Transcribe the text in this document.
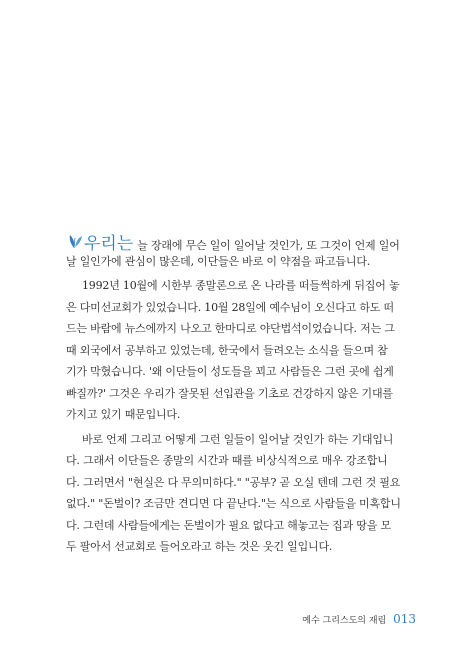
우리는 늘 장래에 무슨 일이 일어날 것인가, 또 그것이 언제 일어
날 일인가에 관심이 많은데, 이단들은 바로 이 약점을 파고듭니다.
1992년 10월에 시한부 종말론으로 온 나라를 떠들썩하게 뒤집어 놓
은 다미선교회가 있었습니다. 10월 28일에 예수님이 오신다고 하도 떠
드는 바람에 뉴스에까지 나오고 한마디로 야단법석이었습니다. 저는 그
때 외국에서 공부하고 있었는데, 한국에서 들려오는 소식을 들으며 참
기가 막혔습니다. '왜 이단들이 성도들을 꾀고 사람들은 그런 곳에 쉽게
빠질까?' 그것은 우리가 잘못된 선입관을 기초로 건강하지 않은 기대를
가지고 있기 때문입니다.
바로 언제 그리고 어떻게 그런 일들이 일어날 것인가 하는 기대입니
다. 그래서 이단들은 종말의 시간과 때를 비상식적으로 매우 강조합니
다. 그러면서 "현실은 다 무의미하다." "공부? 곧 오실 텐데 그런 것 필요
없다." "돈벌이? 조금만 견디면 다 끝난다."는 식으로 사람들을 미혹합니
다. 그런데 사람들에게는 돈벌이가 필요 없다고 해놓고는 집과 땅을 모
두 팔아서 선교회로 들어오라고 하는 것은 웃긴 일입니다.
예수 그리스도의 재림 013
